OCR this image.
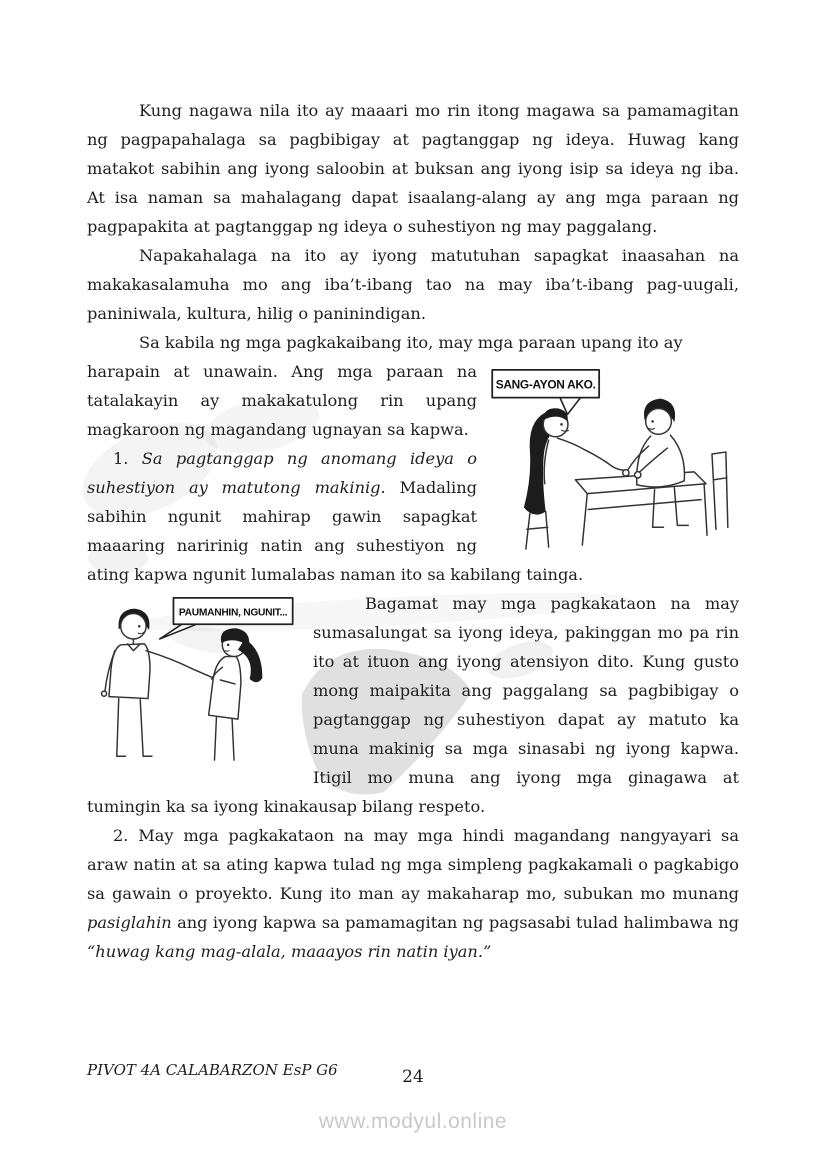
Kung nagawa nila ito ay maaari mo rin itong magawa sa pamamagitan ng pagpapahalaga sa pagbibigay at pagtanggap ng ideya. Huwag kang matakot sabihin ang iyong saloobin at buksan ang iyong isip sa ideya ng iba. At isa naman sa mahalagang dapat isaalang-alang ay ang mga paraan ng pagpapakita at pagtanggap ng ideya o suhestiyon ng may paggalang.

Napakahalaga na ito ay iyong matutuhan sapagkat inaasahan na makakasalamuha mo ang iba’t-ibang tao na may iba’t-ibang pag-uugali, paniniwala, kultura, hilig o paninindigan.

Sa kabila ng mga pagkakaibang ito, may mga paraan upang ito ay

SANG-AYON AKO.

harapain at unawain. Ang mga paraan na tatalakayin ay makakatulong rin upang magkaroon ng magandang ugnayan sa kapwa.

1. Sa pagtanggap ng anomang ideya o suhestiyon ay matutong makinig. Madaling sabihin ngunit mahirap gawin sapagkat maaaring naririnig natin ang suhestiyon ng ating kapwa ngunit lumalabas naman ito sa kabilang tainga.

PAUMANHIN, NGUNIT...	Bagamat may mga pagkakataon na may sumasalungat sa iyong ideya, pakinggan mo pa rin ito at ituon ang iyong atensiyon dito. Kung gusto mong maipakita ang paggalang sa pagbibigay o pagtanggap ng suhestiyon dapat ay matuto ka muna makinig sa mga sinasabi ng iyong kapwa. Itigil mo muna ang iyong mga ginagawa at tumingin ka sa iyong kinakausap bilang respeto.

2. May mga pagkakataon na may mga hindi magandang nangyayari sa araw natin at sa ating kapwa tulad ng mga simpleng pagkakamali o pagkabigo sa gawain o proyekto. Kung ito man ay makaharap mo, subukan mo munang pasiglahin ang iyong kapwa sa pamamagitan ng pagsasabi tulad halimbawa ng “huwag kang mag-alala, maaayos rin natin iyan.”

PIVOT 4A CALABARZON EsP G6	24
www.modyul.online
